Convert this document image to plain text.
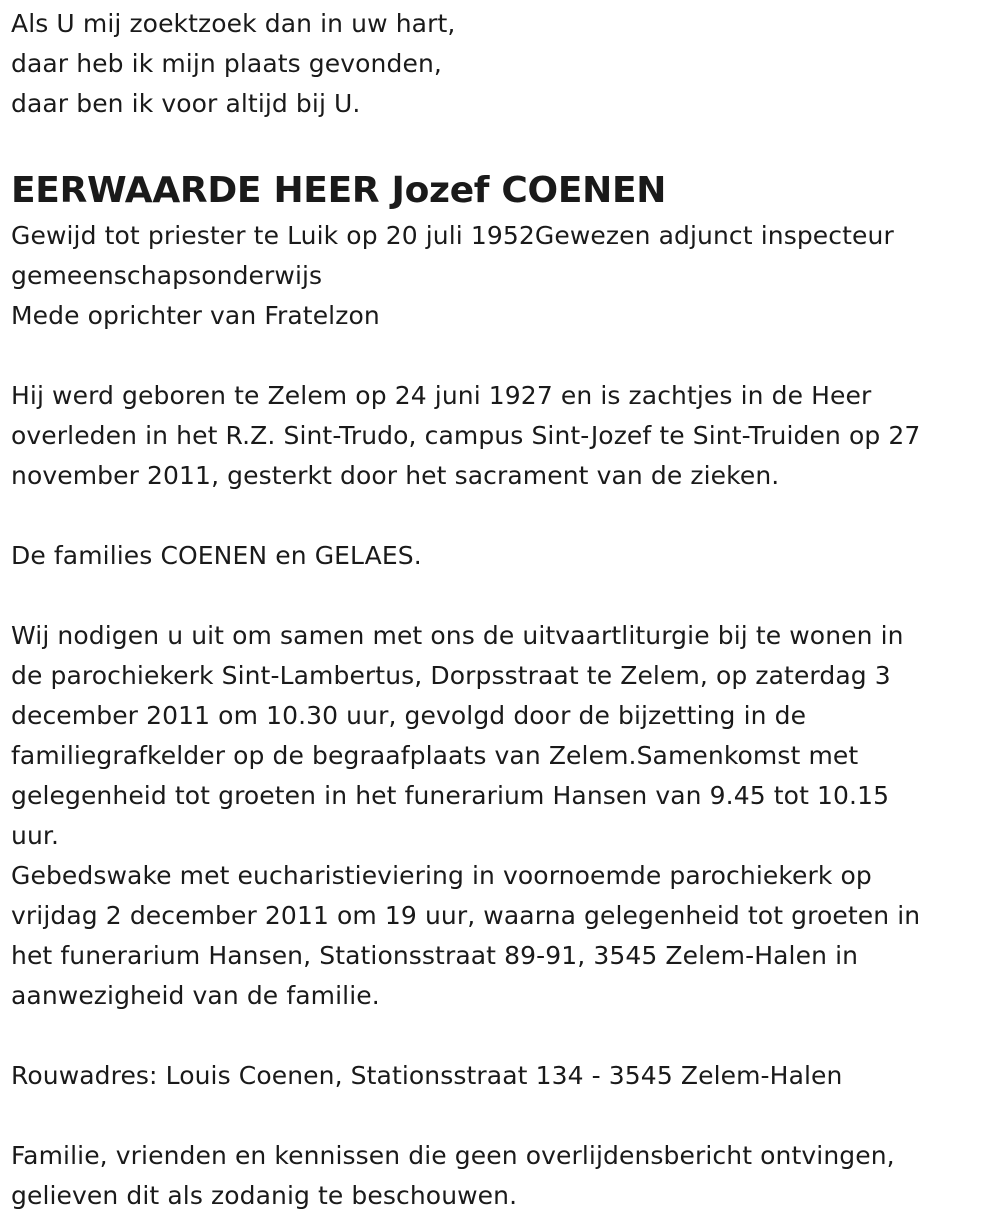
Als U mij zoektzoek dan in uw hart,
daar heb ik mijn plaats gevonden,
daar ben ik voor altijd bij U.
EERWAARDE HEER Jozef COENEN
Gewijd tot priester te Luik op 20 juli 1952Gewezen adjunct inspecteur
gemeenschapsonderwijs
Mede oprichter van Fratelzon
Hij werd geboren te Zelem op 24 juni 1927 en is zachtjes in de Heer
overleden in het R.Z. Sint-Trudo, campus Sint-Jozef te Sint-Truiden op 27
november 2011, gesterkt door het sacrament van de zieken.
De families COENEN en GELAES.
Wij nodigen u uit om samen met ons de uitvaartliturgie bij te wonen in
de parochiekerk Sint-Lambertus, Dorpsstraat te Zelem, op zaterdag 3
december 2011 om 10.30 uur, gevolgd door de bijzetting in de
familiegrafkelder op de begraafplaats van Zelem.Samenkomst met
gelegenheid tot groeten in het funerarium Hansen van 9.45 tot 10.15
uur.
Gebedswake met eucharistieviering in voornoemde parochiekerk op
vrijdag 2 december 2011 om 19 uur, waarna gelegenheid tot groeten in
het funerarium Hansen, Stationsstraat 89-91, 3545 Zelem-Halen in
aanwezigheid van de familie.
Rouwadres: Louis Coenen, Stationsstraat 134 - 3545 Zelem-Halen
Familie, vrienden en kennissen die geen overlijdensbericht ontvingen,
gelieven dit als zodanig te beschouwen.
